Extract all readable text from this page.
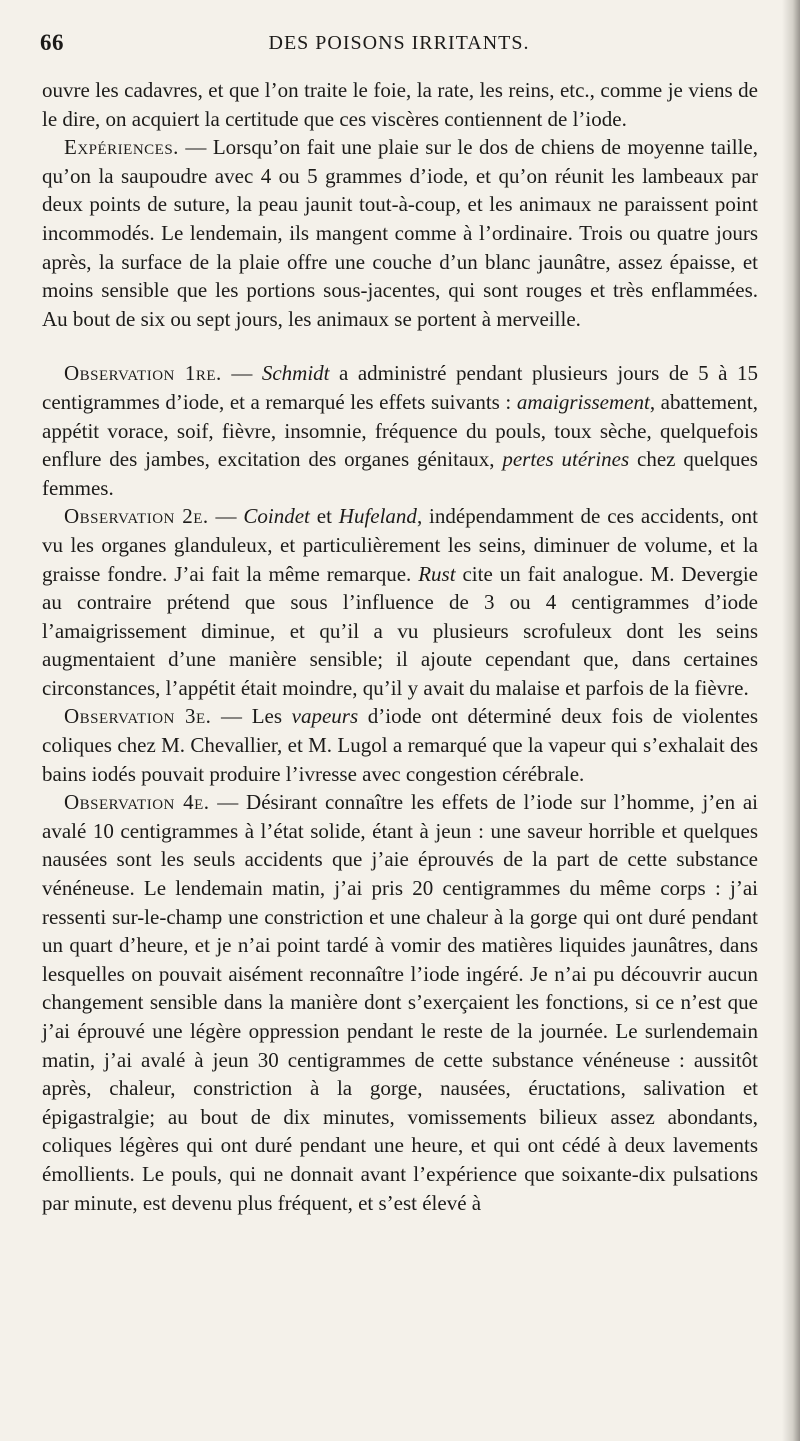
66	DES POISONS IRRITANTS.

ouvre les cadavres, et que l’on traite le foie, la rate, les reins, etc., comme je viens de le dire, on acquiert la certitude que ces viscères contiennent de l’iode.

Expériences. — Lorsqu’on fait une plaie sur le dos de chiens de moyenne taille, qu’on la saupoudre avec 4 ou 5 grammes d’iode, et qu’on réunit les lambeaux par deux points de suture, la peau jaunit tout-à-coup, et les animaux ne paraissent point incommodés. Le lendemain, ils mangent comme à l’ordinaire. Trois ou quatre jours après, la surface de la plaie offre une couche d’un blanc jaunâtre, assez épaisse, et moins sensible que les portions sous-jacentes, qui sont rouges et très enflammées. Au bout de six ou sept jours, les animaux se portent à merveille.

Observation 1re. — Schmidt a administré pendant plusieurs jours de 5 à 15 centigrammes d’iode, et a remarqué les effets suivants : amaigrissement, abattement, appétit vorace, soif, fièvre, insomnie, fréquence du pouls, toux sèche, quelquefois enflure des jambes, excitation des organes génitaux, pertes utérines chez quelques femmes.

Observation 2e. — Coindet et Hufeland, indépendamment de ces accidents, ont vu les organes glanduleux, et particulièrement les seins, diminuer de volume, et la graisse fondre. J’ai fait la même remarque. Rust cite un fait analogue. M. Devergie au contraire prétend que sous l’influence de 3 ou 4 centigrammes d’iode l’amaigrissement diminue, et qu’il a vu plusieurs scrofuleux dont les seins augmentaient d’une manière sensible; il ajoute cependant que, dans certaines circonstances, l’appétit était moindre, qu’il y avait du malaise et parfois de la fièvre.

Observation 3e. — Les vapeurs d’iode ont déterminé deux fois de violentes coliques chez M. Chevallier, et M. Lugol a remarqué que la vapeur qui s’exhalait des bains iodés pouvait produire l’ivresse avec congestion cérébrale.

Observation 4e. — Désirant connaître les effets de l’iode sur l’homme, j’en ai avalé 10 centigrammes à l’état solide, étant à jeun : une saveur horrible et quelques nausées sont les seuls accidents que j’aie éprouvés de la part de cette substance vénéneuse. Le lendemain matin, j’ai pris 20 centigrammes du même corps : j’ai ressenti sur-le-champ une constriction et une chaleur à la gorge qui ont duré pendant un quart d’heure, et je n’ai point tardé à vomir des matières liquides jaunâtres, dans lesquelles on pouvait aisément reconnaître l’iode ingéré. Je n’ai pu découvrir aucun changement sensible dans la manière dont s’exerçaient les fonctions, si ce n’est que j’ai éprouvé une légère oppression pendant le reste de la journée. Le surlendemain matin, j’ai avalé à jeun 30 centigrammes de cette substance vénéneuse : aussitôt après, chaleur, constriction à la gorge, nausées, éructations, salivation et épigastralgie; au bout de dix minutes, vomissements bilieux assez abondants, coliques légères qui ont duré pendant une heure, et qui ont cédé à deux lavements émollients. Le pouls, qui ne donnait avant l’expérience que soixante-dix pulsations par minute, est devenu plus fréquent, et s’est élevé à
